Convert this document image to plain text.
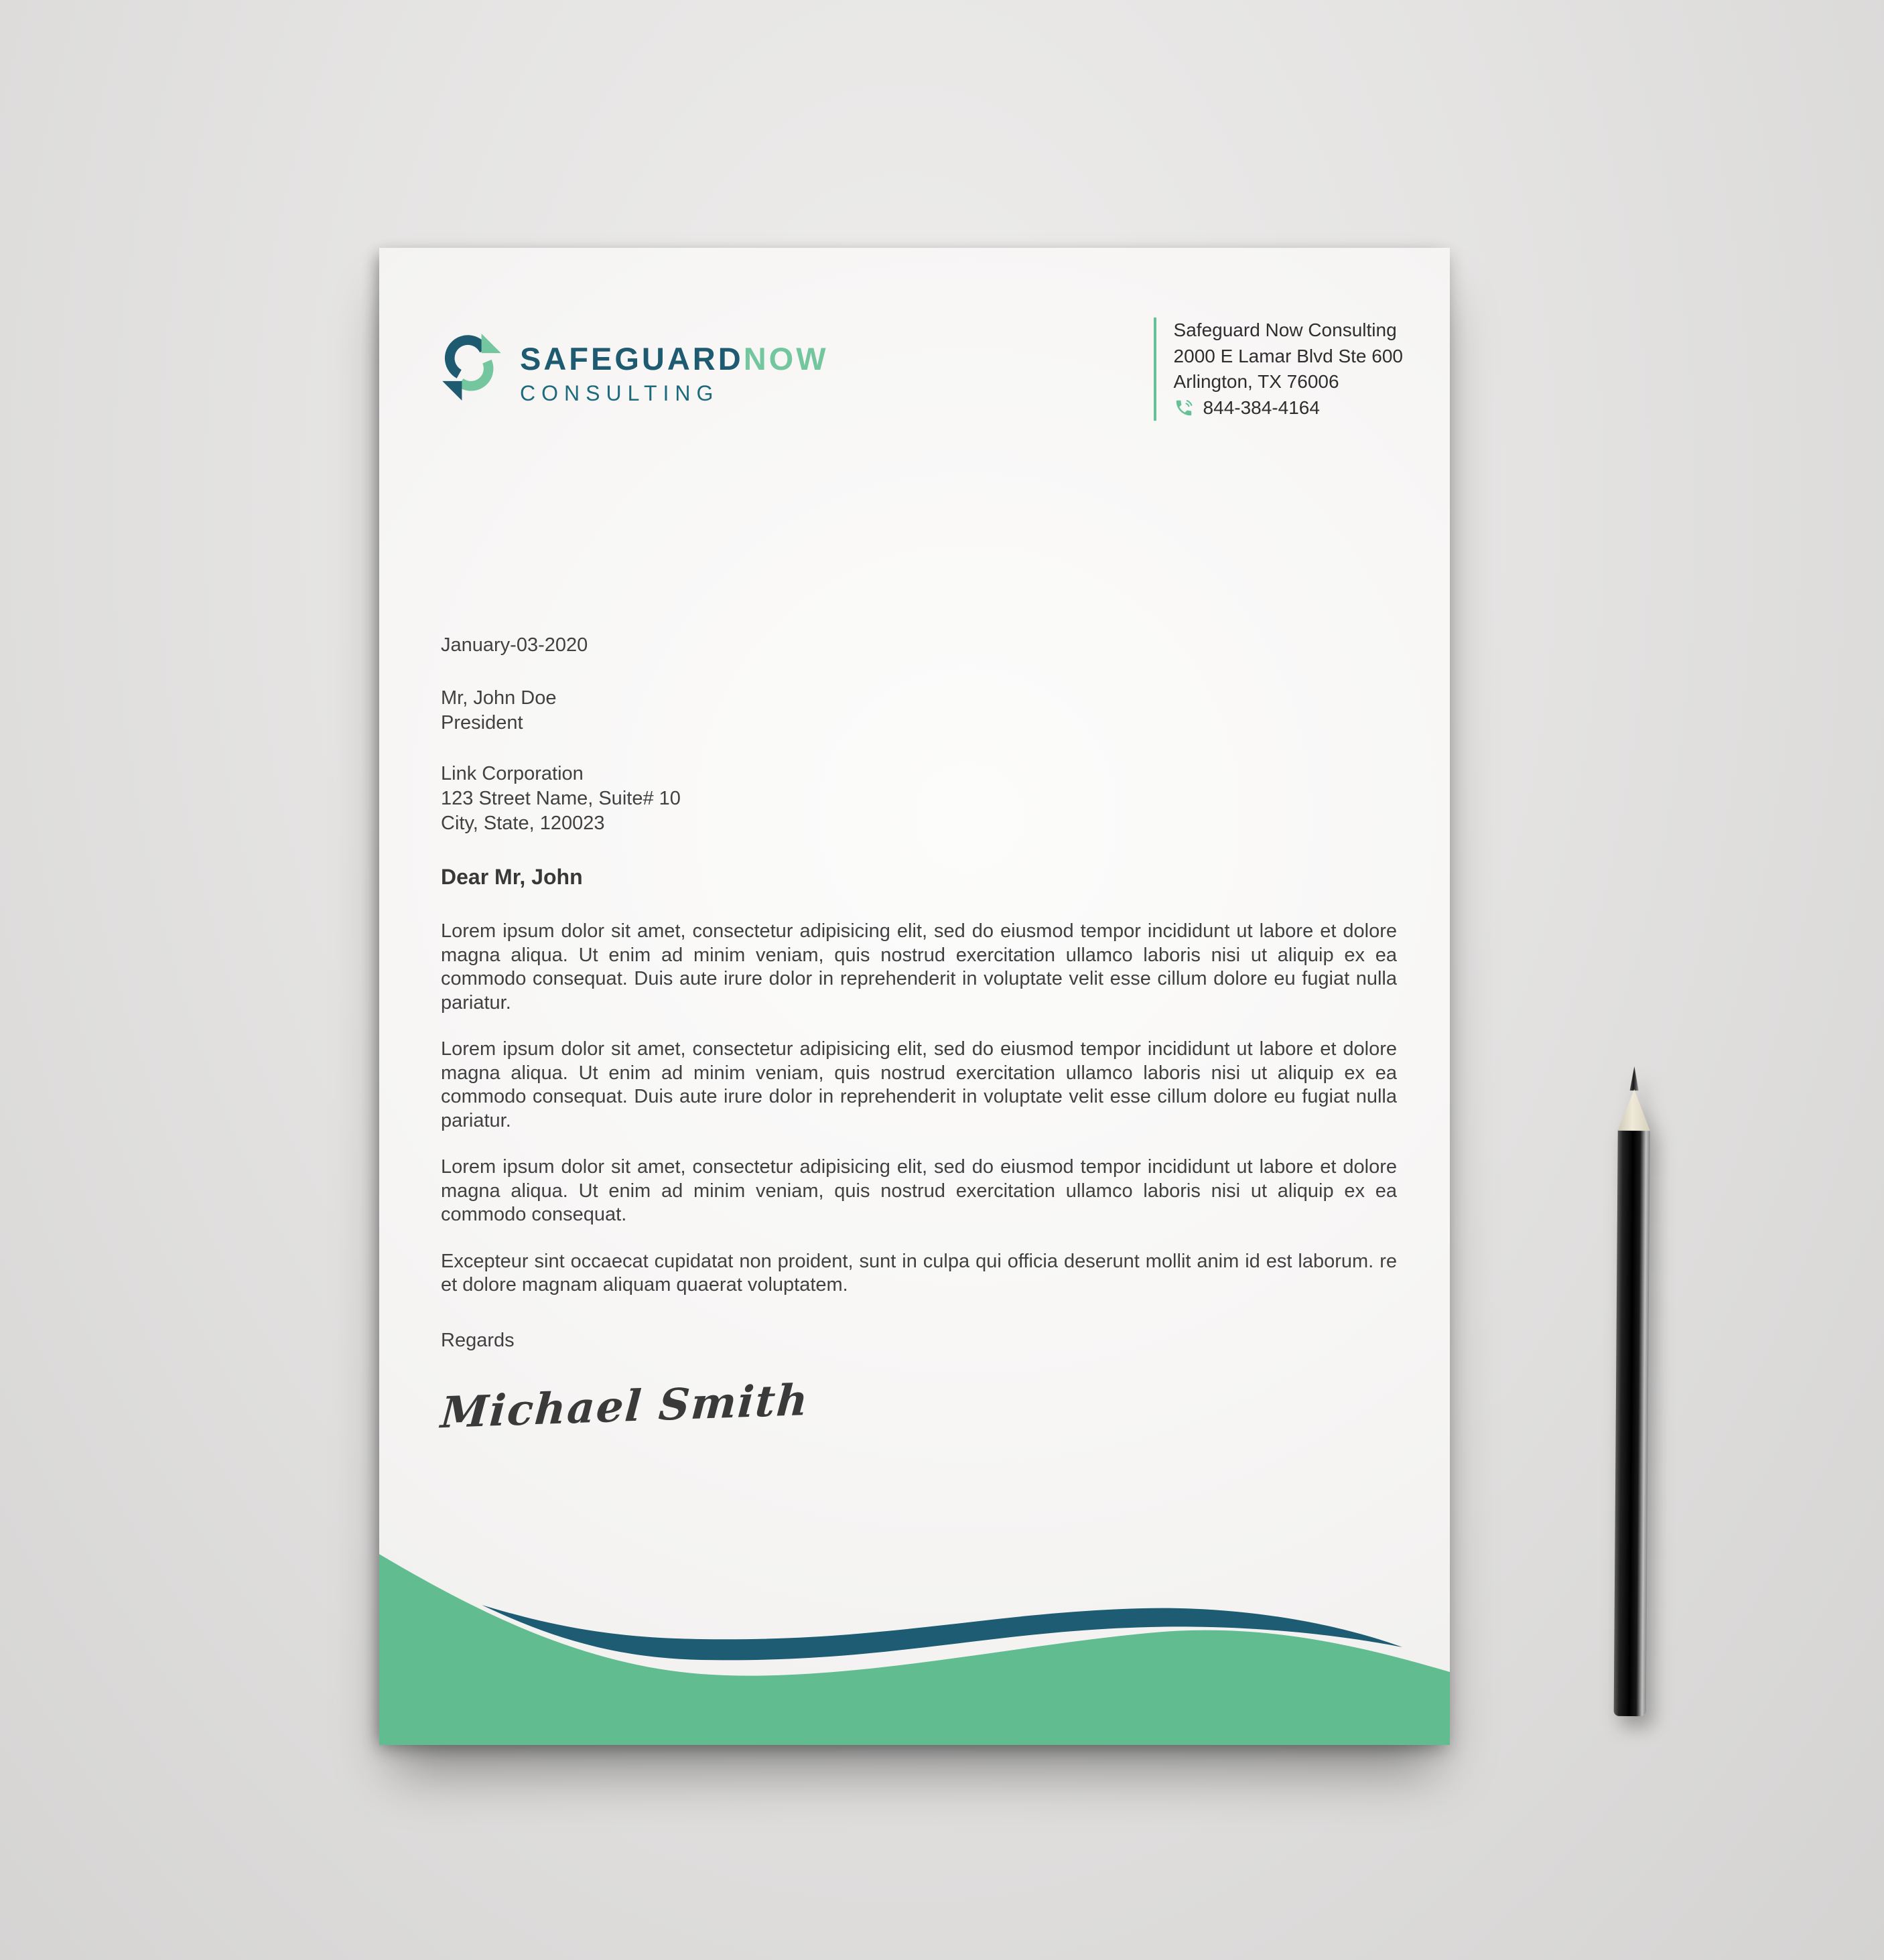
SAFEGUARDNOW
CONSULTING
Safeguard Now Consulting
2000 E Lamar Blvd Ste 600
Arlington, TX 76006
844-384-4164

January-03-2020

Mr, John Doe

President

Link Corporation

123 Street Name, Suite# 10

City, State, 120023

Dear Mr, John

Lorem ipsum dolor sit amet, consectetur adipisicing elit, sed do eiusmod tempor incididunt ut labore et dolore magna aliqua. Ut enim ad minim veniam, quis nostrud exercitation ullamco laboris nisi ut aliquip ex ea commodo consequat. Duis aute irure dolor in reprehenderit in voluptate velit esse cillum dolore eu fugiat nulla pariatur.

Lorem ipsum dolor sit amet, consectetur adipisicing elit, sed do eiusmod tempor incididunt ut labore et dolore magna aliqua. Ut enim ad minim veniam, quis nostrud exercitation ullamco laboris nisi ut aliquip ex ea commodo consequat. Duis aute irure dolor in reprehenderit in voluptate velit esse cillum dolore eu fugiat nulla pariatur.

Lorem ipsum dolor sit amet, consectetur adipisicing elit, sed do eiusmod tempor incididunt ut labore et dolore magna aliqua. Ut enim ad minim veniam, quis nostrud exercitation ullamco laboris nisi ut aliquip ex ea commodo consequat.

Excepteur sint occaecat cupidatat non proident, sunt in culpa qui officia deserunt mollit anim id est laborum. re et dolore magnam aliquam quaerat voluptatem.

Regards

Michael Smith
